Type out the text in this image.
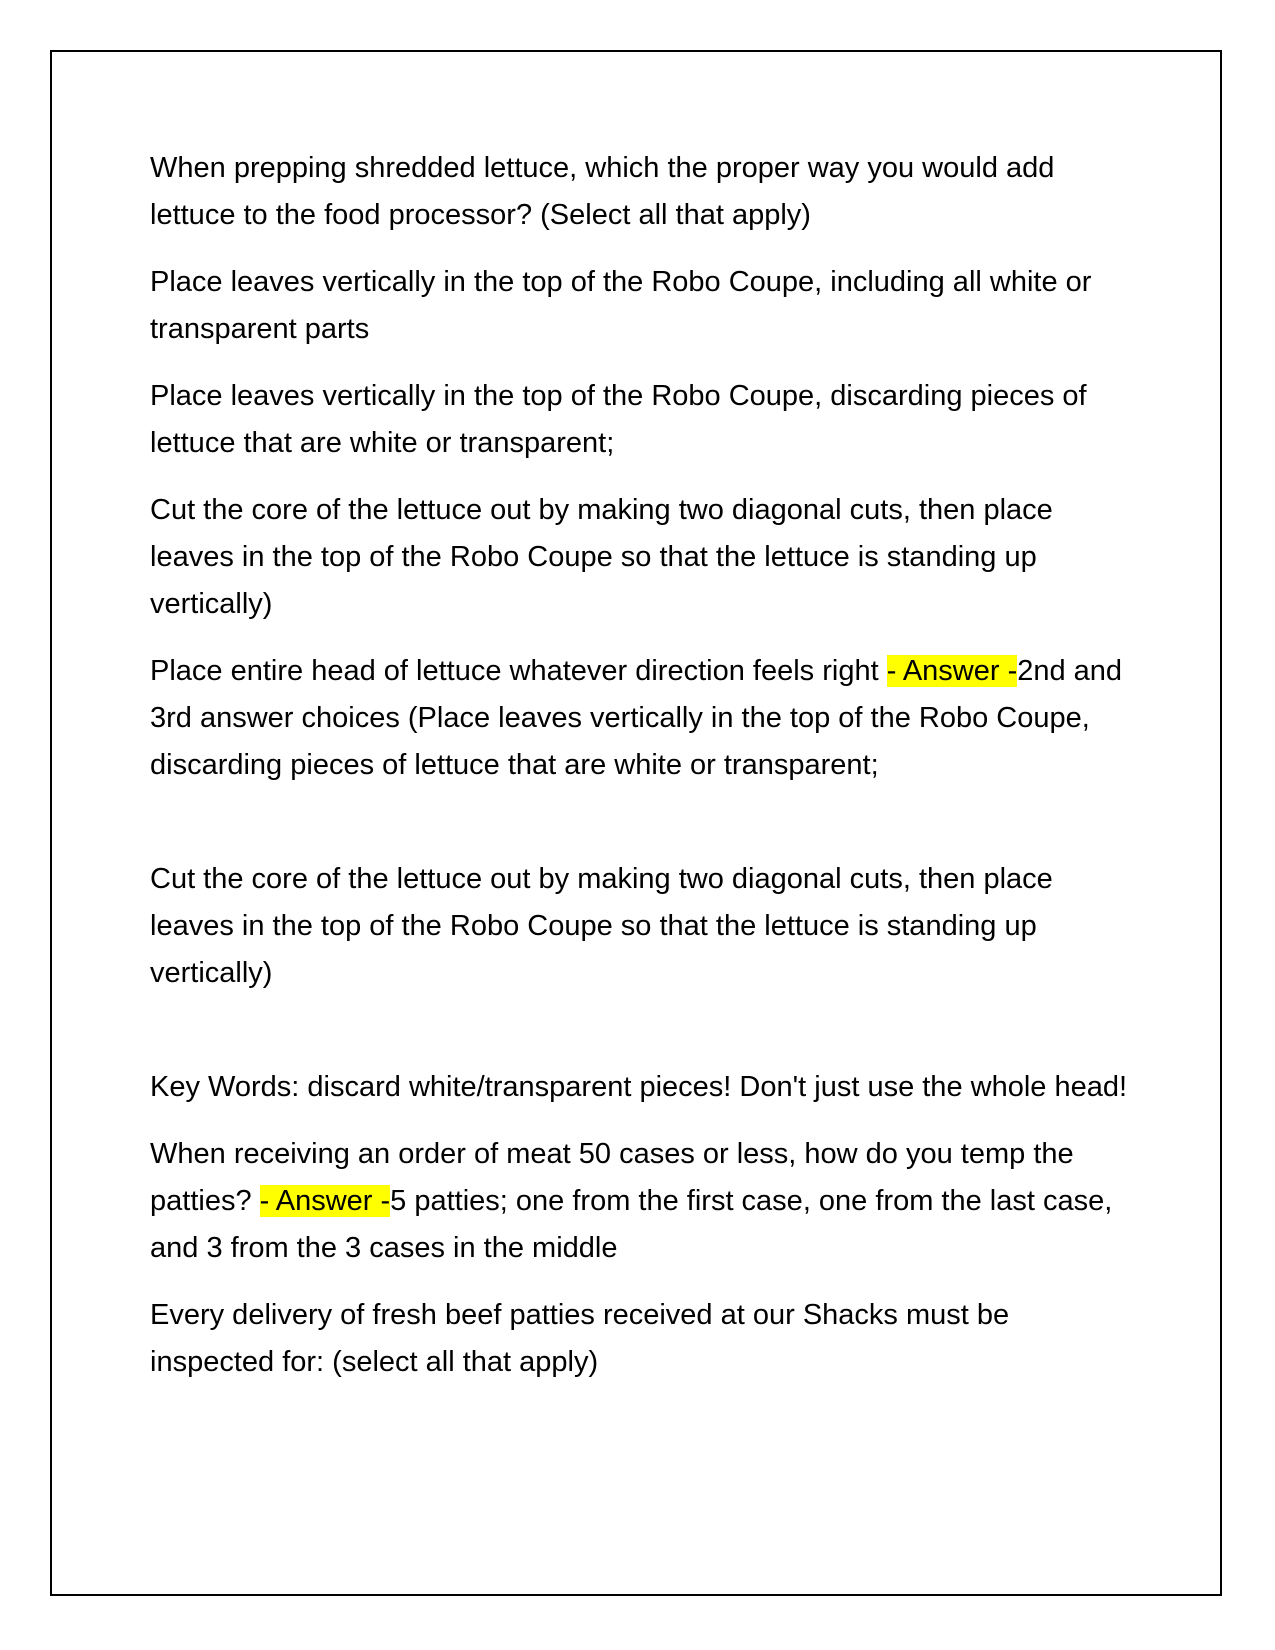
When prepping shredded lettuce, which the proper way you would add lettuce to the food processor? (Select all that apply)

Place leaves vertically in the top of the Robo Coupe, including all white or transparent parts

Place leaves vertically in the top of the Robo Coupe, discarding pieces of lettuce that are white or transparent;

Cut the core of the lettuce out by making two diagonal cuts, then place leaves in the top of the Robo Coupe so that the lettuce is standing up vertically)

Place entire head of lettuce whatever direction feels right - Answer -2nd and 3rd answer choices (Place leaves vertically in the top of the Robo Coupe, discarding pieces of lettuce that are white or transparent;

Cut the core of the lettuce out by making two diagonal cuts, then place leaves in the top of the Robo Coupe so that the lettuce is standing up vertically)

Key Words: discard white/transparent pieces! Don't just use the whole head!

When receiving an order of meat 50 cases or less, how do you temp the patties? - Answer -5 patties; one from the first case, one from the last case, and 3 from the 3 cases in the middle

Every delivery of fresh beef patties received at our Shacks must be inspected for: (select all that apply)
